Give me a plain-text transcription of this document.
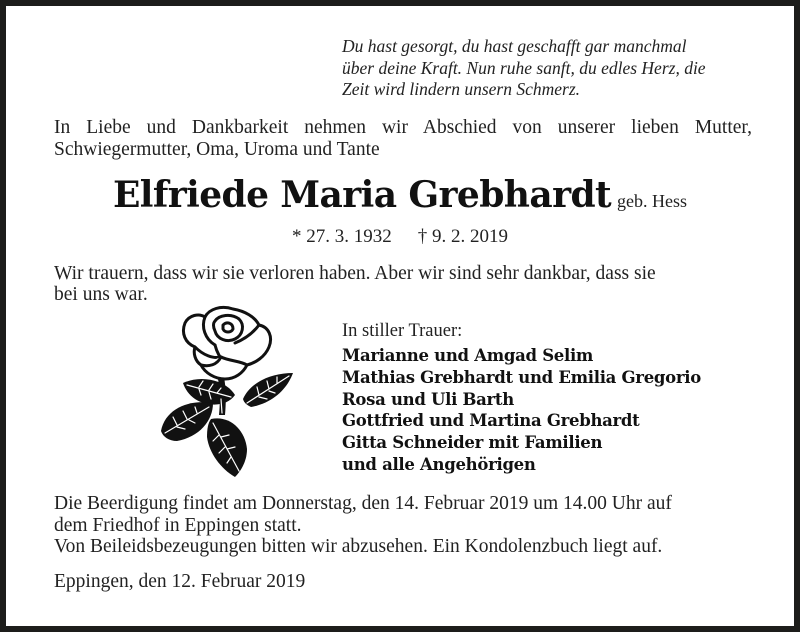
Du hast gesorgt, du hast geschafft gar manchmal
über deine Kraft. Nun ruhe sanft, du edles Herz, die
Zeit wird lindern unsern Schmerz.
In Liebe und Dankbarkeit nehmen wir Abschied von unserer lieben Mutter,
Schwiegermutter, Oma, Uroma und Tante
Elfriede Maria Grebhardt geb. Hess
* 27. 3. 1932 † 9. 2. 2019
Wir trauern, dass wir sie verloren haben. Aber wir sind sehr dankbar, dass sie
bei uns war.
In stiller Trauer:
Marianne und Amgad Selim
Mathias Grebhardt und Emilia Gregorio
Rosa und Uli Barth
Gottfried und Martina Grebhardt
Gitta Schneider mit Familien
und alle Angehörigen
Die Beerdigung findet am Donnerstag, den 14. Februar 2019 um 14.00 Uhr auf
dem Friedhof in Eppingen statt.
Von Beileidsbezeugungen bitten wir abzusehen. Ein Kondolenzbuch liegt auf.
Eppingen, den 12. Februar 2019
